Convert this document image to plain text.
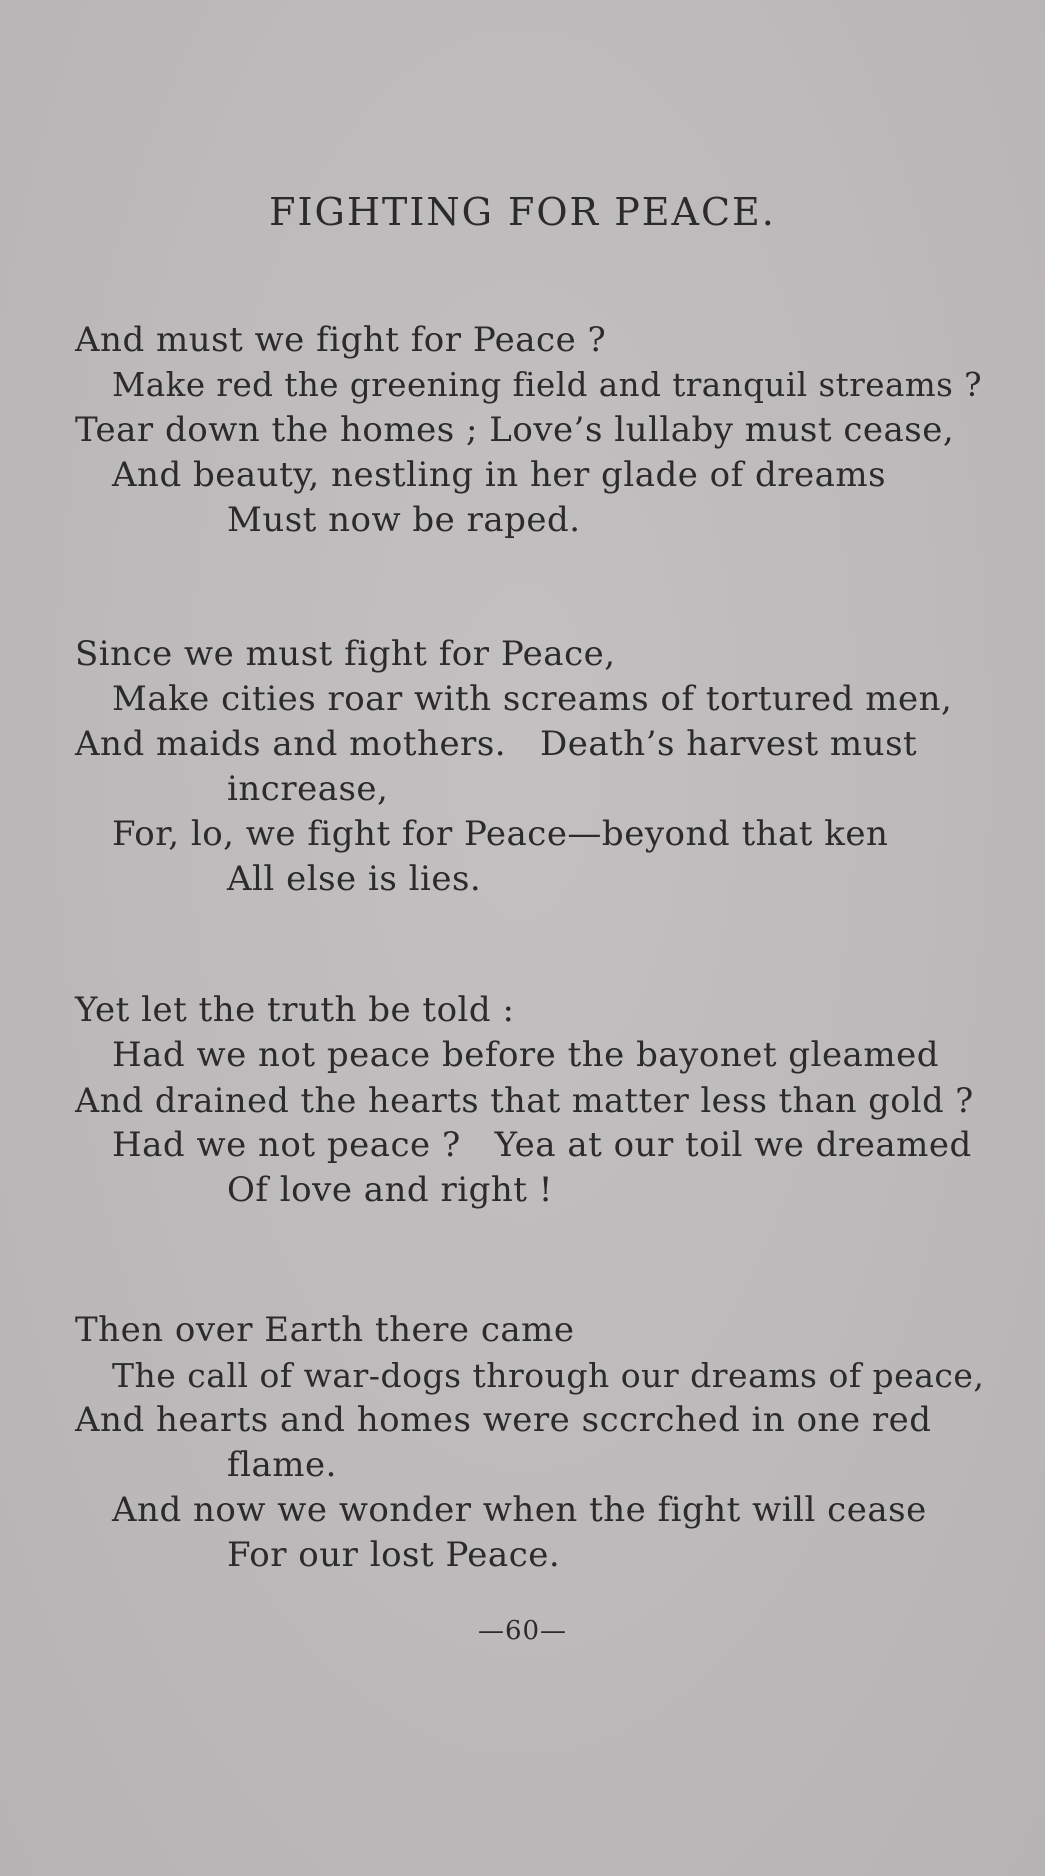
FIGHTING FOR PEACE.
And must we fight for Peace ?
Make red the greening field and tranquil streams ?
Tear down the homes ; Love’s lullaby must cease,
And beauty, nestling in her glade of dreams
Must now be raped.
Since we must fight for Peace,
Make cities roar with screams of tortured men,
And maids and mothers.   Death’s harvest must
increase,
For, lo, we fight for Peace—beyond that ken
All else is lies.
Yet let the truth be told :
Had we not peace before the bayonet gleamed
And drained the hearts that matter less than gold ?
Had we not peace ?   Yea at our toil we dreamed
Of love and right !
Then over Earth there came
The call of war-dogs through our dreams of peace,
And hearts and homes were sccrched in one red
flame.
And now we wonder when the fight will cease
For our lost Peace.
—60—
